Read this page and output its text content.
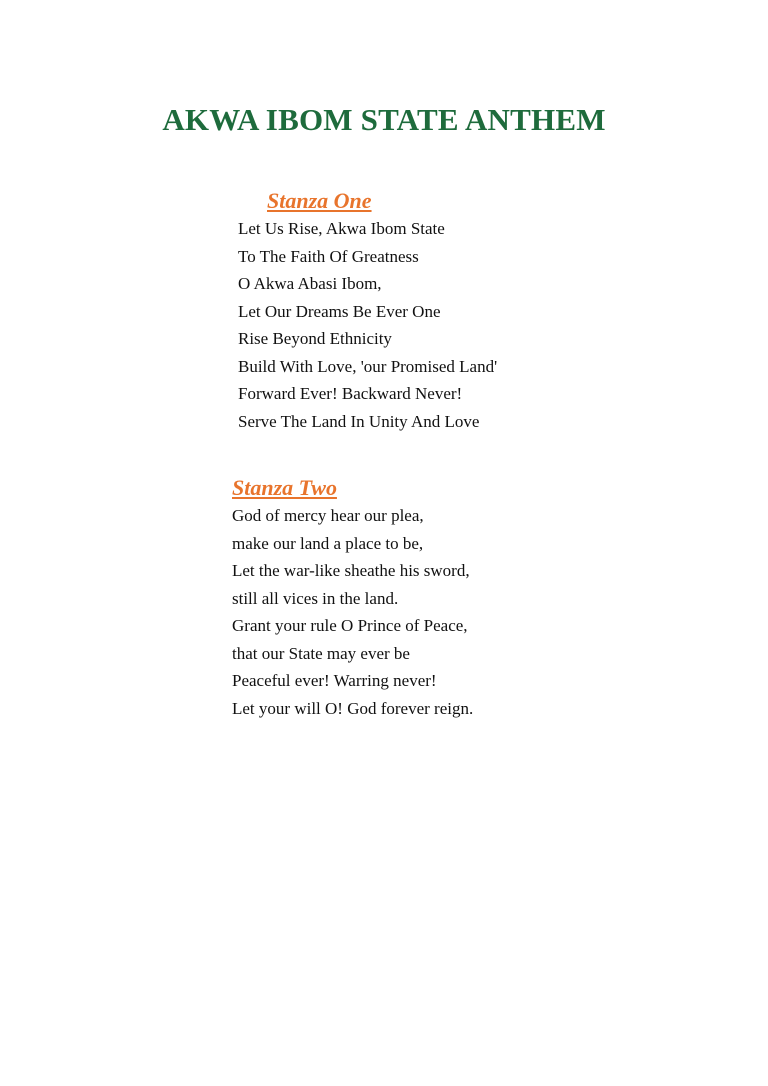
AKWA IBOM STATE ANTHEM
Stanza One
Let Us Rise, Akwa Ibom State
To The Faith Of Greatness
O Akwa Abasi Ibom,
Let Our Dreams Be Ever One
Rise Beyond Ethnicity
Build With Love, 'our Promised Land'
Forward Ever! Backward Never!
Serve The Land In Unity And Love
Stanza Two
God of mercy hear our plea,
make our land a place to be,
Let the war-like sheathe his sword,
still all vices in the land.
Grant your rule O Prince of Peace,
that our State may ever be
Peaceful ever! Warring never!
Let your will O! God forever reign.
